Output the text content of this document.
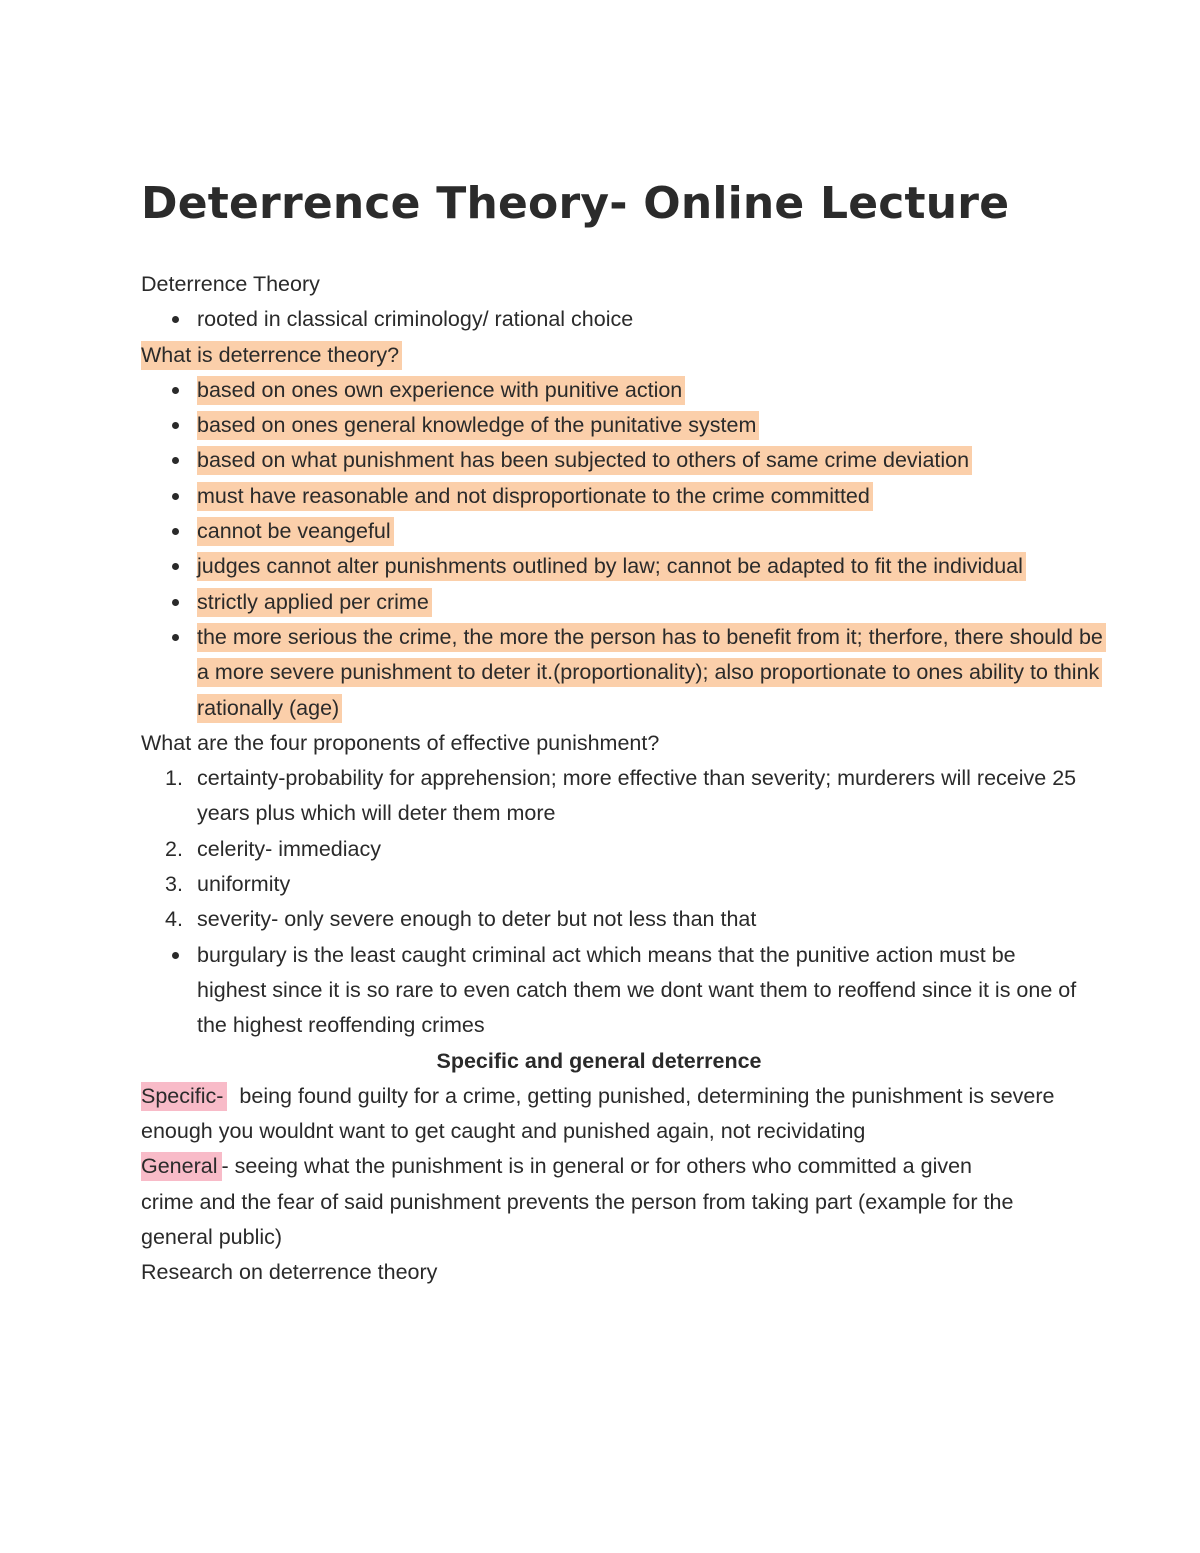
Deterrence Theory- Online Lecture

Deterrence Theory

rooted in classical criminology/ rational choice

What is deterrence theory?

based on ones own experience with punitive action
based on ones general knowledge of the punitative system
based on what punishment has been subjected to others of same crime deviation
must have reasonable and not disproportionate to the crime committed
cannot be veangeful
judges cannot alter punishments outlined by law; cannot be adapted to fit the individual
strictly applied per crime
the more serious the crime, the more the person has to benefit from it; therfore, there should be a more severe punishment to deter it.(proportionality); also proportionate to ones ability to think rationally (age)

What are the four proponents of effective punishment?

1. certainty-probability for apprehension; more effective than severity; murderers will receive 25 years plus which will deter them more
2. celerity- immediacy
3. uniformity
4. severity- only severe enough to deter but not less than that
burgulary is the least caught criminal act which means that the punitive action must be highest since it is so rare to even catch them we dont want them to reoffend since it is one of the highest reoffending crimes

Specific and general deterrence

Specific-  being found guilty for a crime, getting punished, determining the punishment is severe enough you wouldnt want to get caught and punished again, not recividating

General - seeing what the punishment is in general or for others who committed a given crime and the fear of said punishment prevents the person from taking part (example for the general public)

Research on deterrence theory
